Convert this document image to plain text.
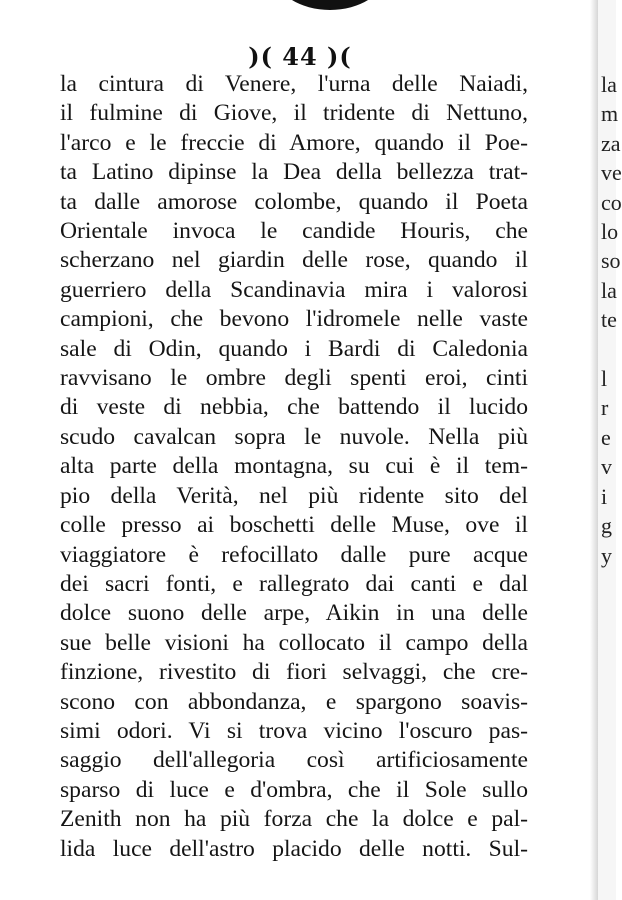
)( 44 )(
la cintura di Venere, l'urna delle Naiadi,
il fulmine di Giove, il tridente di Nettuno,
l'arco e le freccie di Amore, quando il Poe-
ta Latino dipinse la Dea della bellezza trat-
ta dalle amorose colombe, quando il Poeta
Orientale invoca le candide Houris, che
scherzano nel giardin delle rose, quando il
guerriero della Scandinavia mira i valorosi
campioni, che bevono l'idromele nelle vaste
sale di Odin, quando i Bardi di Caledonia
ravvisano le ombre degli spenti eroi, cinti
di veste di nebbia, che battendo il lucido
scudo cavalcan sopra le nuvole. Nella più
alta parte della montagna, su cui è il tem-
pio della Verità, nel più ridente sito del
colle presso ai boschetti delle Muse, ove il
viaggiatore è refocillato dalle pure acque
dei sacri fonti, e rallegrato dai canti e dal
dolce suono delle arpe, Aikin in una delle
sue belle visioni ha collocato il campo della
finzione, rivestito di fiori selvaggi, che cre-
scono con abbondanza, e spargono soavis-
simi odori. Vi si trova vicino l'oscuro pas-
saggio dell'allegoria così artificiosamente
sparso di luce e d'ombra, che il Sole sullo
Zenith non ha più forza che la dolce e pal-
lida luce dell'astro placido delle notti. Sul-
la
m
za
ve
co
lo
so
la
te

l
r
e
v
i
g
y
